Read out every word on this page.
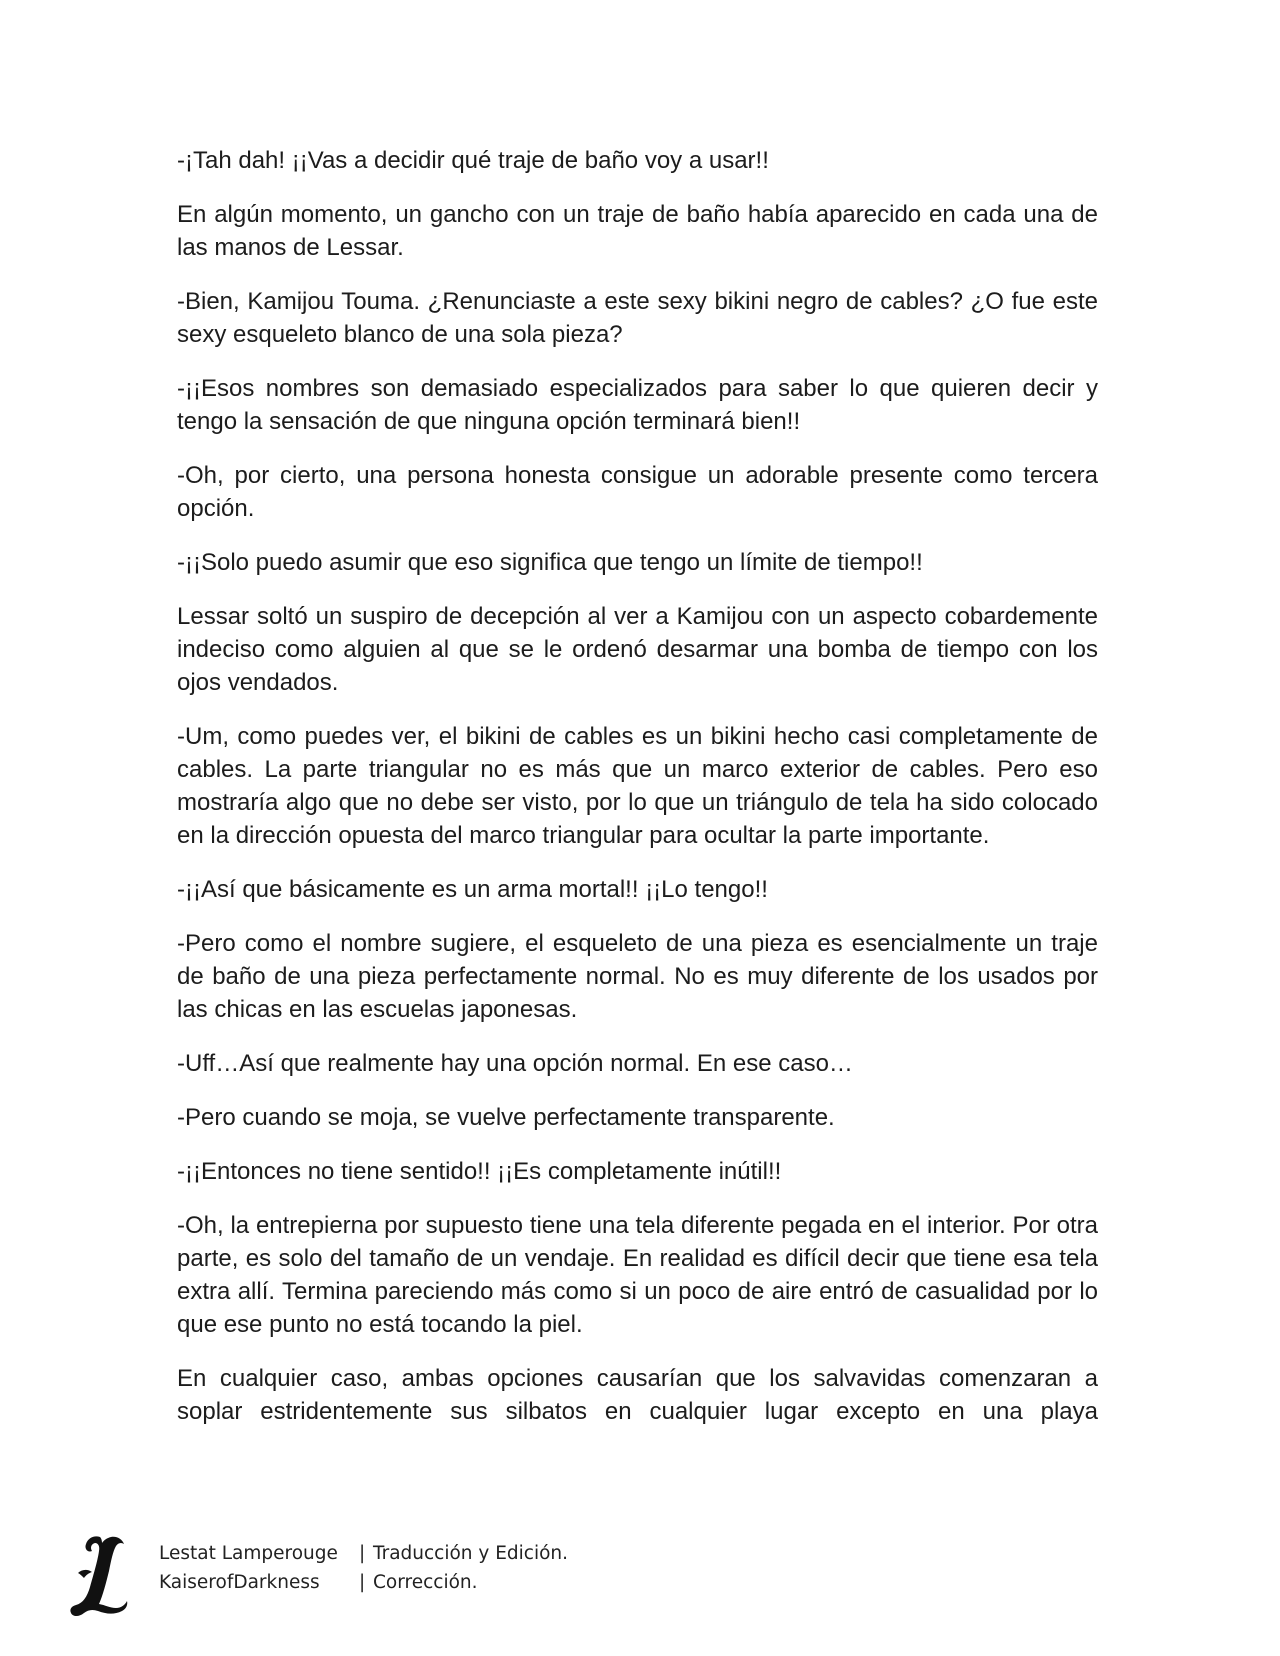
-¡Tah dah! ¡¡Vas a decidir qué traje de baño voy a usar!!

En algún momento, un gancho con un traje de baño había aparecido en cada una de las manos de Lessar.

-Bien, Kamijou Touma. ¿Renunciaste a este sexy bikini negro de cables? ¿O fue este sexy esqueleto blanco de una sola pieza?

-¡¡Esos nombres son demasiado especializados para saber lo que quieren decir y tengo la sensación de que ninguna opción terminará bien!!

-Oh, por cierto, una persona honesta consigue un adorable presente como tercera opción.

-¡¡Solo puedo asumir que eso significa que tengo un límite de tiempo!!

Lessar soltó un suspiro de decepción al ver a Kamijou con un aspecto cobardemente indeciso como alguien al que se le ordenó desarmar una bomba de tiempo con los ojos vendados.

-Um, como puedes ver, el bikini de cables es un bikini hecho casi completamente de cables. La parte triangular no es más que un marco exterior de cables. Pero eso mostraría algo que no debe ser visto, por lo que un triángulo de tela ha sido colocado en la dirección opuesta del marco triangular para ocultar la parte importante.

-¡¡Así que básicamente es un arma mortal!! ¡¡Lo tengo!!

-Pero como el nombre sugiere, el esqueleto de una pieza es esencialmente un traje de baño de una pieza perfectamente normal. No es muy diferente de los usados por las chicas en las escuelas japonesas.

-Uff…Así que realmente hay una opción normal. En ese caso…

-Pero cuando se moja, se vuelve perfectamente transparente.

-¡¡Entonces no tiene sentido!! ¡¡Es completamente inútil!!

-Oh, la entrepierna por supuesto tiene una tela diferente pegada en el interior. Por otra parte, es solo del tamaño de un vendaje. En realidad es difícil decir que tiene esa tela extra allí. Termina pareciendo más como si un poco de aire entró de casualidad por lo que ese punto no está tocando la piel.

En cualquier caso, ambas opciones causarían que los salvavidas comenzaran a soplar estridentemente sus silbatos en cualquier lugar excepto en una playa

Lestat Lamperouge	| Traducción y Edición.
KaiserofDarkness	| Corrección.
